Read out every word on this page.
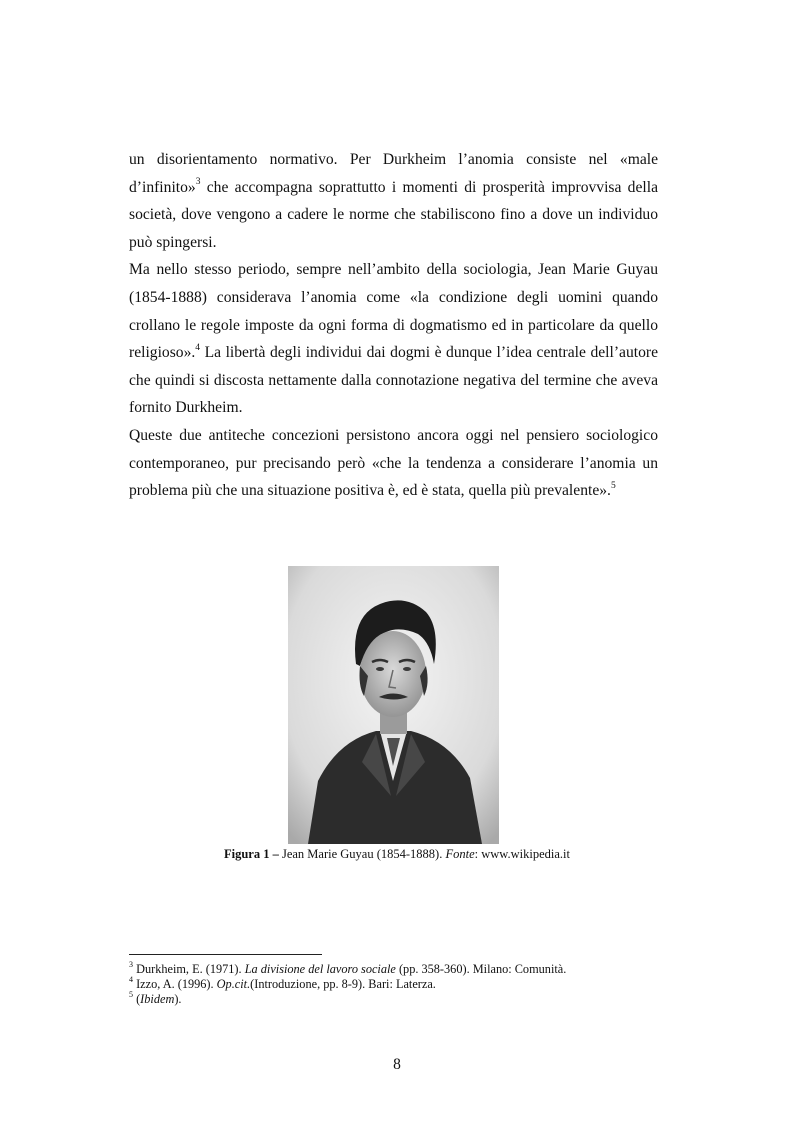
un disorientamento normativo. Per Durkheim l’anomia consiste nel «male d’infinito»$^3$ che accompagna soprattutto i momenti di prosperità improvvisa della società, dove vengono a cadere le norme che stabiliscono fino a dove un individuo può spingersi.

Ma nello stesso periodo, sempre nell’ambito della sociologia, Jean Marie Guyau (1854-1888) considerava l’anomia come «la condizione degli uomini quando crollano le regole imposte da ogni forma di dogmatismo ed in particolare da quello religioso».$^4$ La libertà degli individui dai dogmi è dunque l’idea centrale dell’autore che quindi si discosta nettamente dalla connotazione negativa del termine che aveva fornito Durkheim.

Queste due antiteche concezioni persistono ancora oggi nel pensiero sociologico contemporaneo, pur precisando però «che la tendenza a considerare l’anomia un problema più che una situazione positiva è, ed è stata, quella più prevalente».$^5$

Figura 1 – Jean Marie Guyau (1854-1888). Fonte: www.wikipedia.it
$^3$ Durkheim, E. (1971). La divisione del lavoro sociale (pp. 358-360). Milano: Comunità.
$^4$ Izzo, A. (1996). Op.cit.(Introduzione, pp. 8-9). Bari: Laterza.
$^5$ (Ibidem).
8
